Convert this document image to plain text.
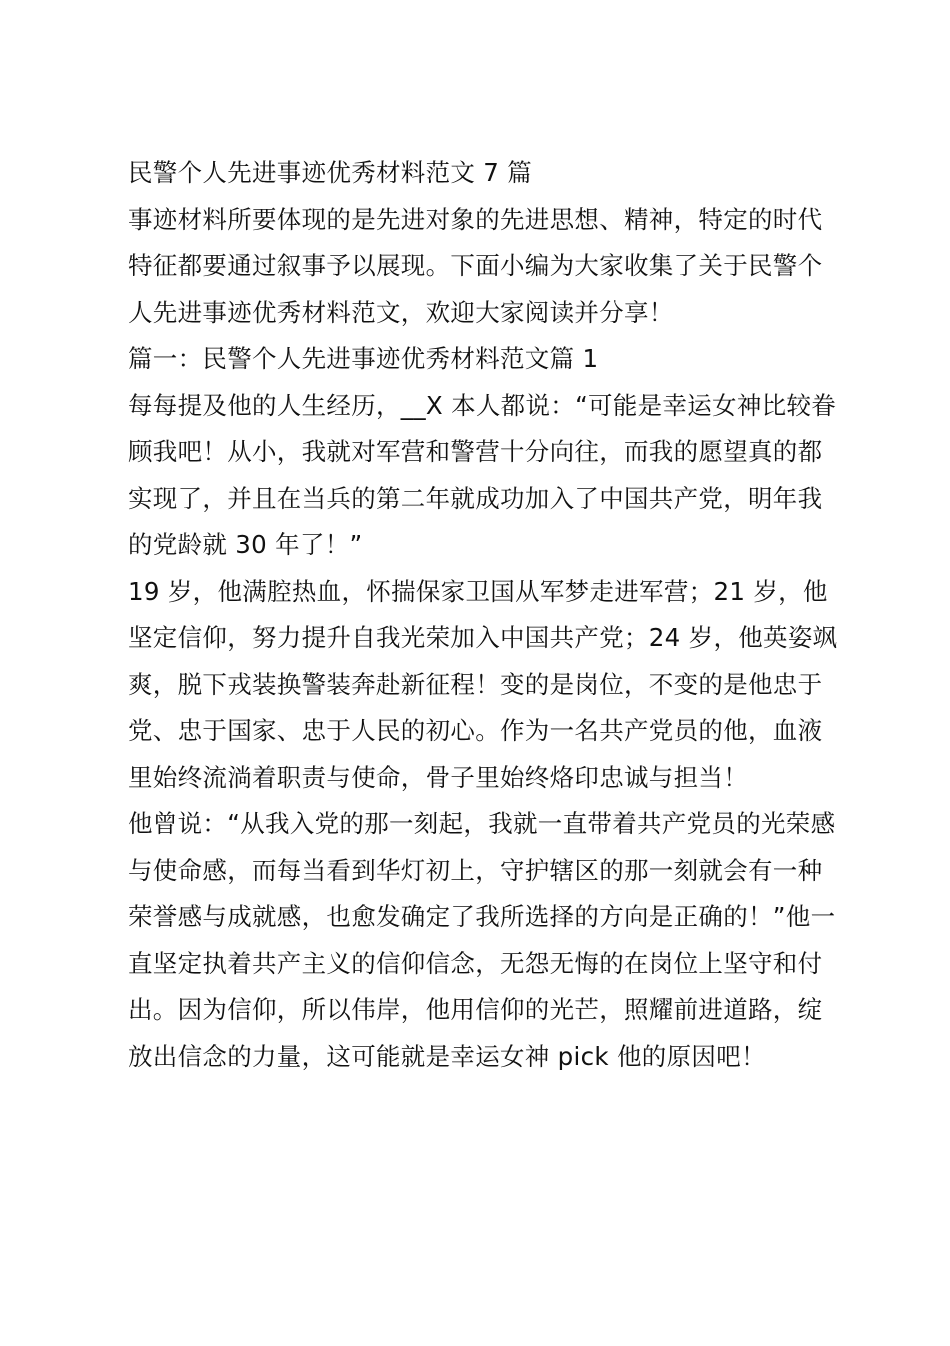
民警个人先进事迹优秀材料范文 7 篇

事迹材料所要体现的是先进对象的先进思想、精神，特定的时代特征都要通过叙事予以展现。下面小编为大家收集了关于民警个人先进事迹优秀材料范文，欢迎大家阅读并分享！

篇一：民警个人先进事迹优秀材料范文篇 1

每每提及他的人生经历，__X 本人都说：“可能是幸运女神比较眷顾我吧！从小，我就对军营和警营十分向往，而我的愿望真的都实现了，并且在当兵的第二年就成功加入了中国共产党，明年我的党龄就 30 年了！”

19 岁，他满腔热血，怀揣保家卫国从军梦走进军营；21 岁，他坚定信仰，努力提升自我光荣加入中国共产党；24 岁，他英姿飒爽，脱下戎装换警装奔赴新征程！变的是岗位，不变的是他忠于党、忠于国家、忠于人民的初心。作为一名共产党员的他，血液里始终流淌着职责与使命，骨子里始终烙印忠诚与担当！

他曾说：“从我入党的那一刻起，我就一直带着共产党员的光荣感与使命感，而每当看到华灯初上，守护辖区的那一刻就会有一种荣誉感与成就感，也愈发确定了我所选择的方向是正确的！”他一直坚定执着共产主义的信仰信念，无怨无悔的在岗位上坚守和付出。因为信仰，所以伟岸，他用信仰的光芒，照耀前进道路，绽放出信念的力量，这可能就是幸运女神 pick 他的原因吧！
